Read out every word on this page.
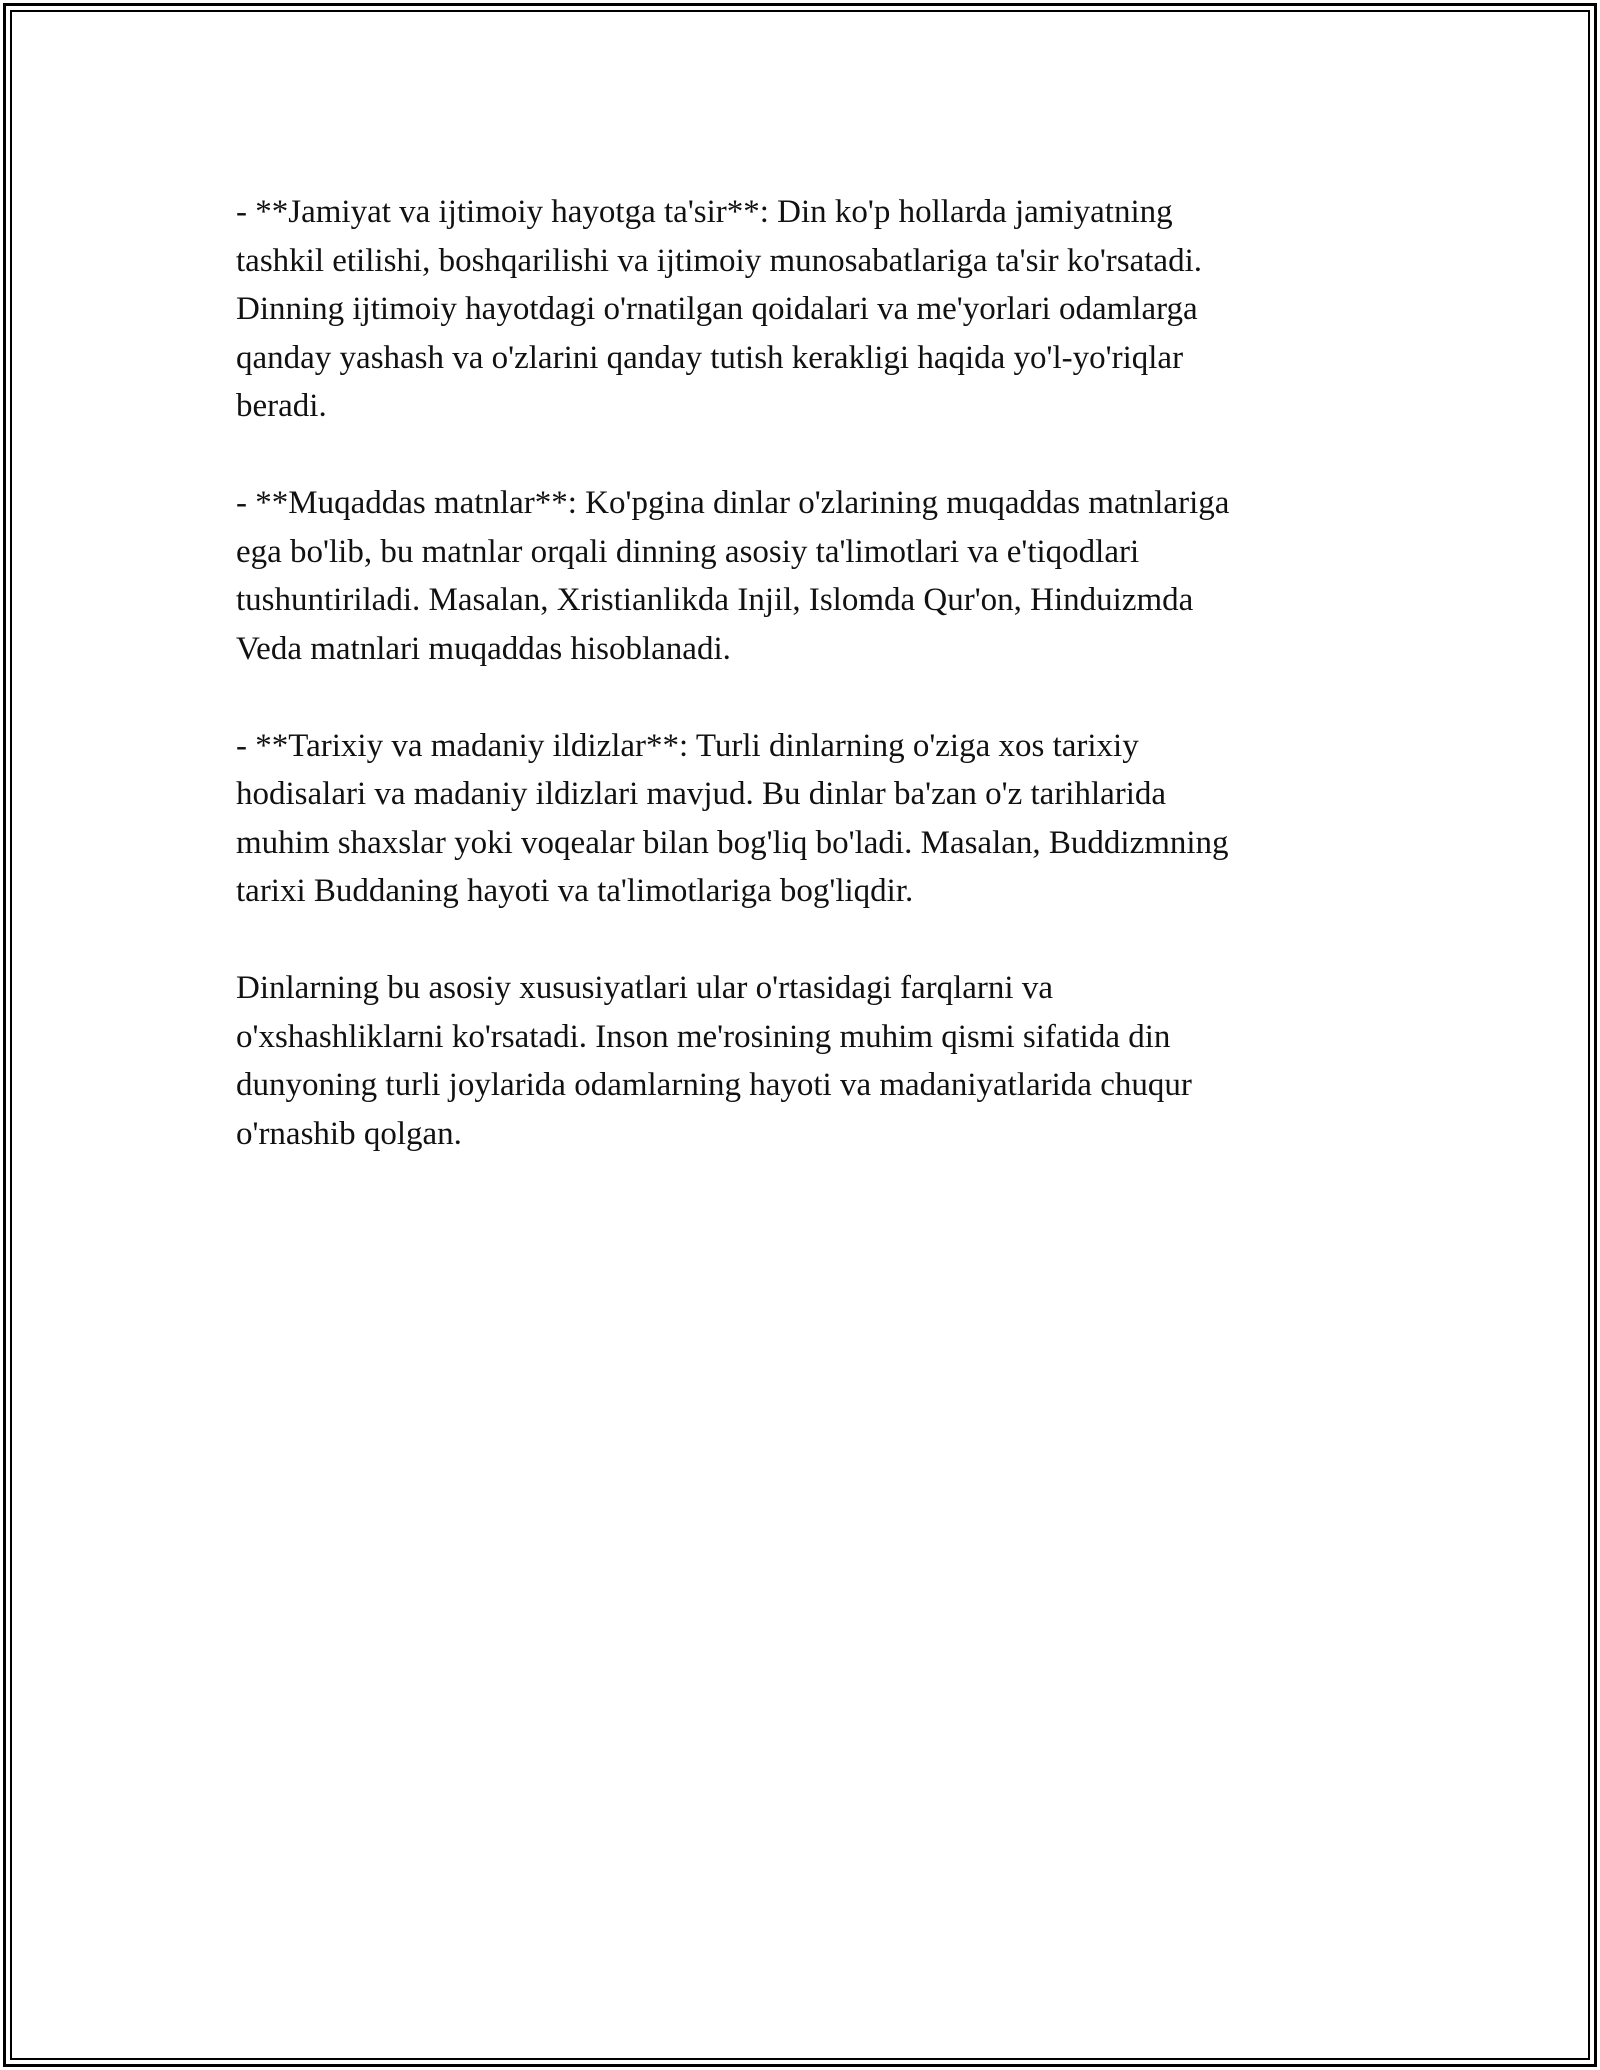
- **Jamiyat va ijtimoiy hayotga ta'sir**: Din ko'p hollarda jamiyatning
tashkil etilishi, boshqarilishi va ijtimoiy munosabatlariga ta'sir ko'rsatadi.
Dinning ijtimoiy hayotdagi o'rnatilgan qoidalari va me'yorlari odamlarga
qanday yashash va o'zlarini qanday tutish kerakligi haqida yo'l-yo'riqlar
beradi.

- **Muqaddas matnlar**: Ko'pgina dinlar o'zlarining muqaddas matnlariga
ega bo'lib, bu matnlar orqali dinning asosiy ta'limotlari va e'tiqodlari
tushuntiriladi. Masalan, Xristianlikda Injil, Islomda Qur'on, Hinduizmda
Veda matnlari muqaddas hisoblanadi.

- **Tarixiy va madaniy ildizlar**: Turli dinlarning o'ziga xos tarixiy
hodisalari va madaniy ildizlari mavjud. Bu dinlar ba'zan o'z tarihlarida
muhim shaxslar yoki voqealar bilan bog'liq bo'ladi. Masalan, Buddizmning
tarixi Buddaning hayoti va ta'limotlariga bog'liqdir.

Dinlarning bu asosiy xususiyatlari ular o'rtasidagi farqlarni va
o'xshashliklarni ko'rsatadi. Inson me'rosining muhim qismi sifatida din
dunyoning turli joylarida odamlarning hayoti va madaniyatlarida chuqur
o'rnashib qolgan.
